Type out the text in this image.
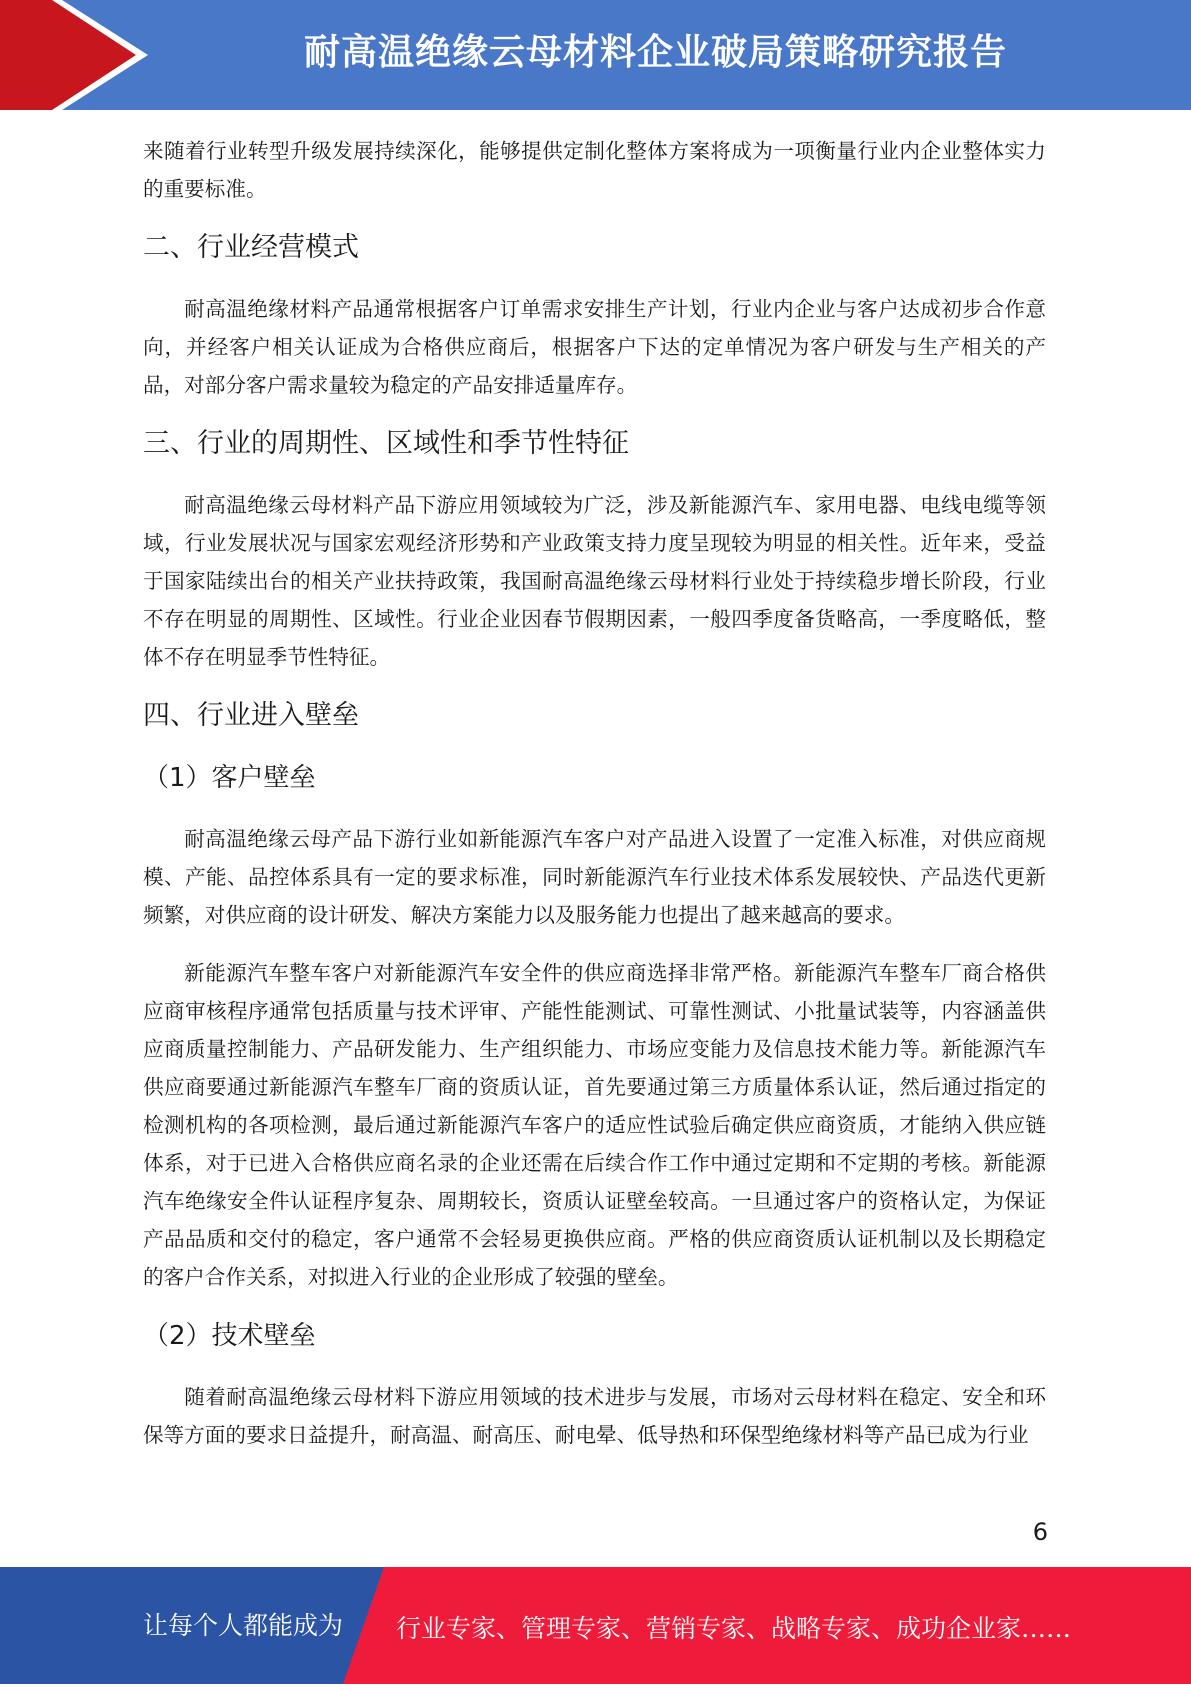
耐高温绝缘云母材料企业破局策略研究报告

来随着行业转型升级发展持续深化，能够提供定制化整体方案将成为一项衡量行业内企业整体实力的重要标准。

二、行业经营模式

耐高温绝缘材料产品通常根据客户订单需求安排生产计划，行业内企业与客户达成初步合作意向，并经客户相关认证成为合格供应商后，根据客户下达的定单情况为客户研发与生产相关的产品，对部分客户需求量较为稳定的产品安排适量库存。

三、行业的周期性、区域性和季节性特征

耐高温绝缘云母材料产品下游应用领域较为广泛，涉及新能源汽车、家用电器、电线电缆等领域，行业发展状况与国家宏观经济形势和产业政策支持力度呈现较为明显的相关性。近年来，受益于国家陆续出台的相关产业扶持政策，我国耐高温绝缘云母材料行业处于持续稳步增长阶段，行业不存在明显的周期性、区域性。行业企业因春节假期因素，一般四季度备货略高，一季度略低，整体不存在明显季节性特征。

四、行业进入壁垒
（1）客户壁垒

耐高温绝缘云母产品下游行业如新能源汽车客户对产品进入设置了一定准入标准，对供应商规模、产能、品控体系具有一定的要求标准，同时新能源汽车行业技术体系发展较快、产品迭代更新频繁，对供应商的设计研发、解决方案能力以及服务能力也提出了越来越高的要求。

新能源汽车整车客户对新能源汽车安全件的供应商选择非常严格。新能源汽车整车厂商合格供应商审核程序通常包括质量与技术评审、产能性能测试、可靠性测试、小批量试装等，内容涵盖供应商质量控制能力、产品研发能力、生产组织能力、市场应变能力及信息技术能力等。新能源汽车供应商要通过新能源汽车整车厂商的资质认证，首先要通过第三方质量体系认证，然后通过指定的检测机构的各项检测，最后通过新能源汽车客户的适应性试验后确定供应商资质，才能纳入供应链体系，对于已进入合格供应商名录的企业还需在后续合作工作中通过定期和不定期的考核。新能源汽车绝缘安全件认证程序复杂、周期较长，资质认证壁垒较高。一旦通过客户的资格认定，为保证产品品质和交付的稳定，客户通常不会轻易更换供应商。严格的供应商资质认证机制以及长期稳定的客户合作关系，对拟进入行业的企业形成了较强的壁垒。

（2）技术壁垒

随着耐高温绝缘云母材料下游应用领域的技术进步与发展，市场对云母材料在稳定、安全和环保等方面的要求日益提升，耐高温、耐高压、耐电晕、低导热和环保型绝缘材料等产品已成为行业

6
让每个人都能成为 行业专家、管理专家、营销专家、战略专家、成功企业家……
